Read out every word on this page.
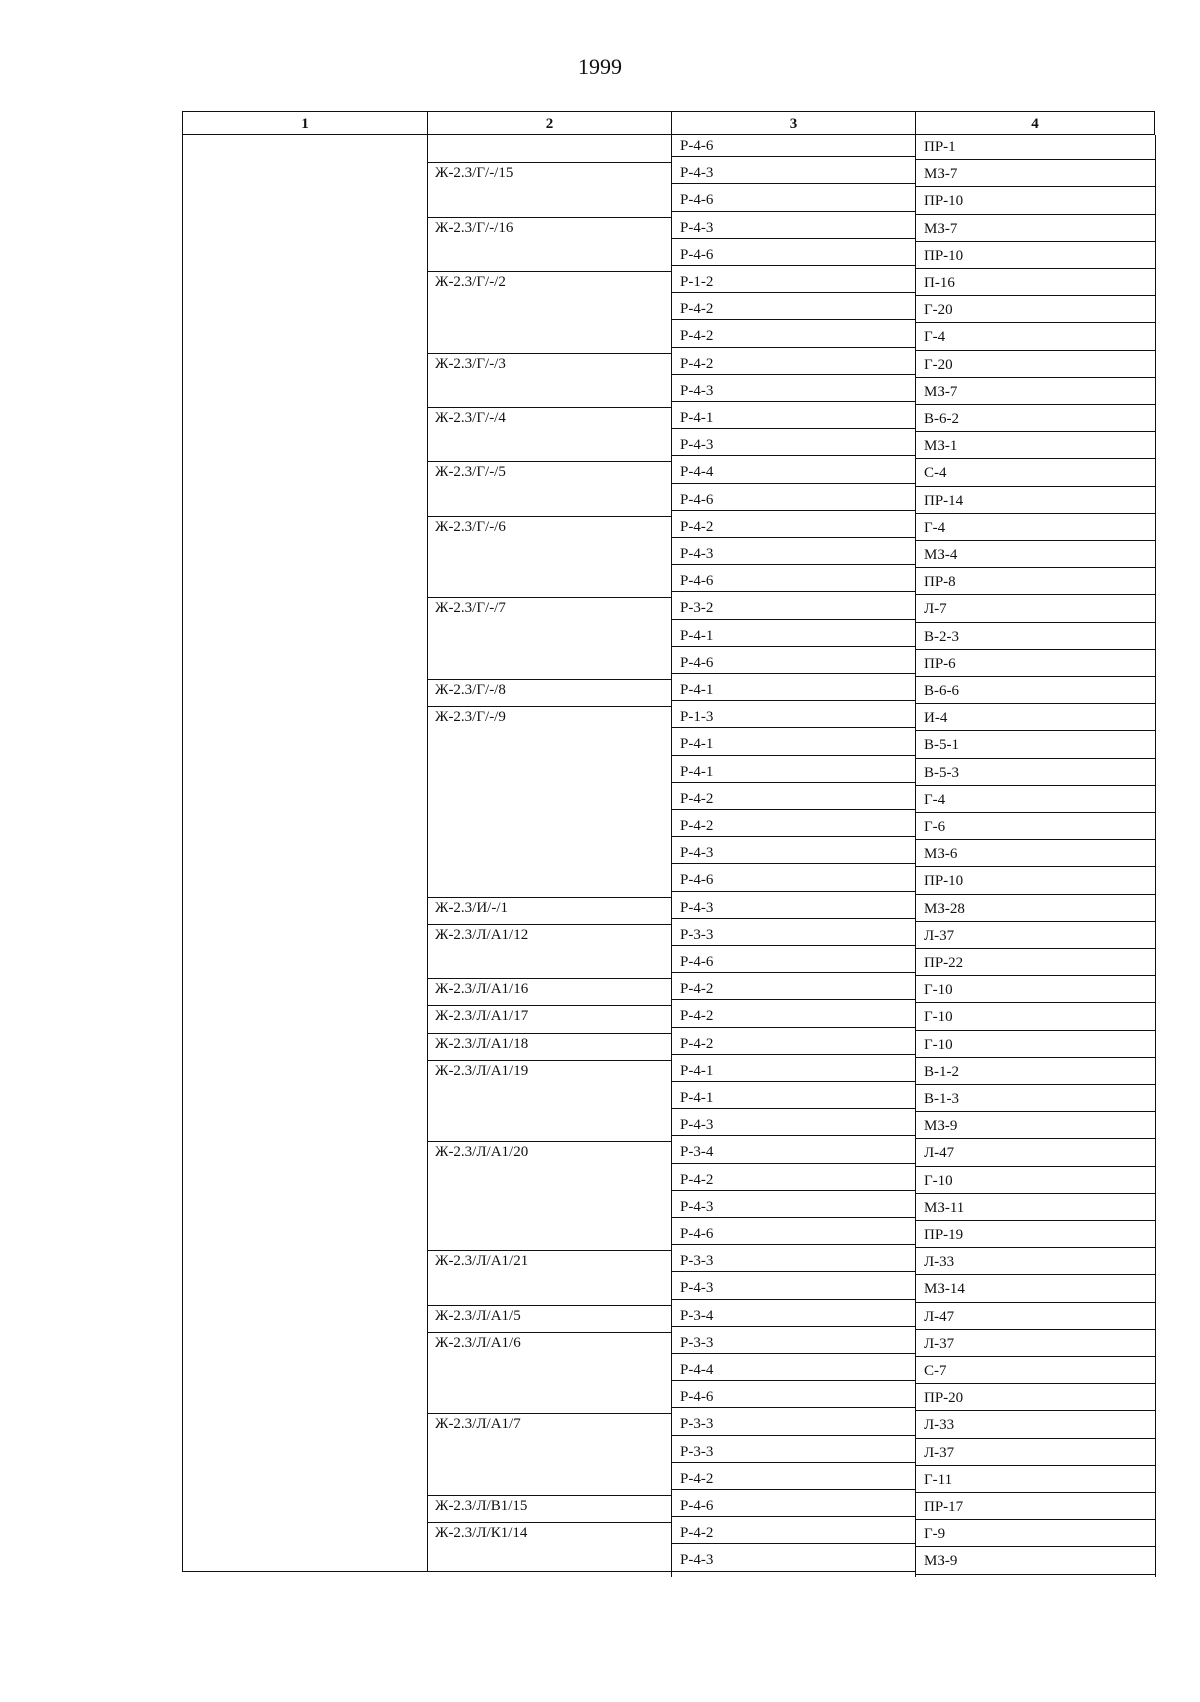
1999
1	2	3	4
Р-4-6	ПР-1
Ж-2.3/Г/-/15	Р-4-3	МЗ-7
Р-4-6	ПР-10
Ж-2.3/Г/-/16	Р-4-3	МЗ-7
Р-4-6	ПР-10
Ж-2.3/Г/-/2	Р-1-2	П-16
Р-4-2	Г-20
Р-4-2	Г-4
Ж-2.3/Г/-/3	Р-4-2	Г-20
Р-4-3	МЗ-7
Ж-2.3/Г/-/4	Р-4-1	В-6-2
Р-4-3	МЗ-1
Ж-2.3/Г/-/5	Р-4-4	С-4
Р-4-6	ПР-14
Ж-2.3/Г/-/6	Р-4-2	Г-4
Р-4-3	МЗ-4
Р-4-6	ПР-8
Ж-2.3/Г/-/7	Р-3-2	Л-7
Р-4-1	В-2-3
Р-4-6	ПР-6
Ж-2.3/Г/-/8	Р-4-1	В-6-6
Ж-2.3/Г/-/9	Р-1-3	И-4
Р-4-1	В-5-1
Р-4-1	В-5-3
Р-4-2	Г-4
Р-4-2	Г-6
Р-4-3	МЗ-6
Р-4-6	ПР-10
Ж-2.3/И/-/1	Р-4-3	МЗ-28
Ж-2.3/Л/А1/12	Р-3-3	Л-37
Р-4-6	ПР-22
Ж-2.3/Л/А1/16	Р-4-2	Г-10
Ж-2.3/Л/А1/17	Р-4-2	Г-10
Ж-2.3/Л/А1/18	Р-4-2	Г-10
Ж-2.3/Л/А1/19	Р-4-1	В-1-2
Р-4-1	В-1-3
Р-4-3	МЗ-9
Ж-2.3/Л/А1/20	Р-3-4	Л-47
Р-4-2	Г-10
Р-4-3	МЗ-11
Р-4-6	ПР-19
Ж-2.3/Л/А1/21	Р-3-3	Л-33
Р-4-3	МЗ-14
Ж-2.3/Л/А1/5	Р-3-4	Л-47
Ж-2.3/Л/А1/6	Р-3-3	Л-37
Р-4-4	С-7
Р-4-6	ПР-20
Ж-2.3/Л/А1/7	Р-3-3	Л-33
Р-3-3	Л-37
Р-4-2	Г-11
Ж-2.3/Л/В1/15	Р-4-6	ПР-17
Ж-2.3/Л/К1/14	Р-4-2	Г-9
Р-4-3	МЗ-9
